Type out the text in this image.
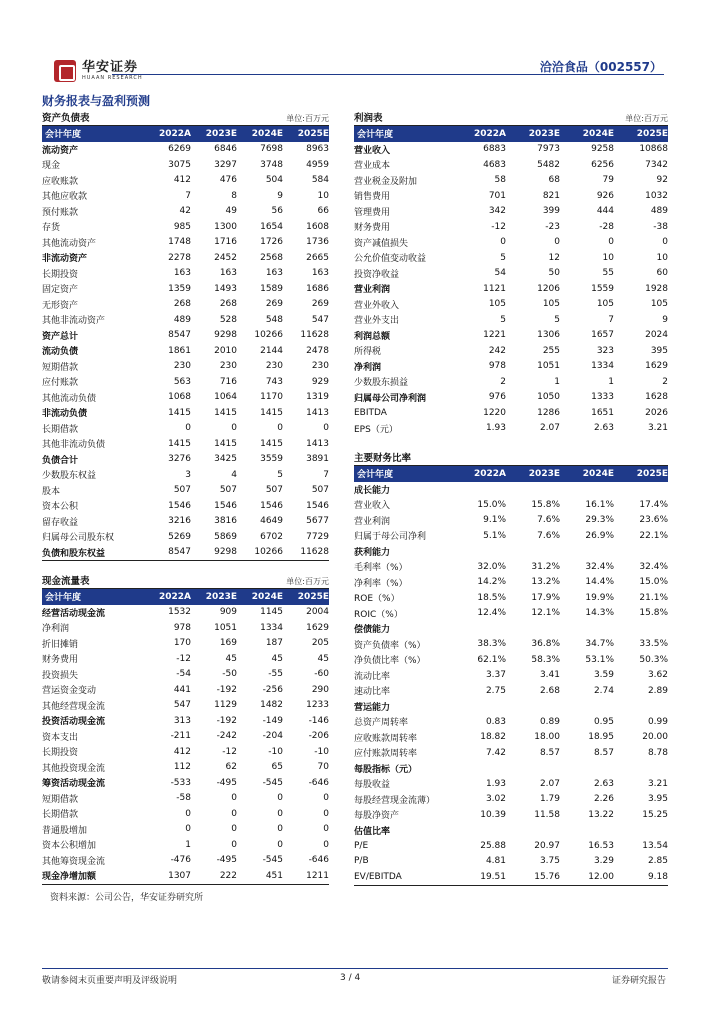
华安证券
HUAAN RESEARCH
洽洽食品（002557）
财务报表与盈利预测
资产负债表	单位:百万元
会计年度	2022A	2023E	2024E	2025E
流动资产	6269	6846	7698	8963
现金	3075	3297	3748	4959
应收账款	412	476	504	584
其他应收款	7	8	9	10
预付账款	42	49	56	66
存货	985	1300	1654	1608
其他流动资产	1748	1716	1726	1736
非流动资产	2278	2452	2568	2665
长期投资	163	163	163	163
固定资产	1359	1493	1589	1686
无形资产	268	268	269	269
其他非流动资产	489	528	548	547
资产总计	8547	9298	10266	11628
流动负债	1861	2010	2144	2478
短期借款	230	230	230	230
应付账款	563	716	743	929
其他流动负债	1068	1064	1170	1319
非流动负债	1415	1415	1415	1413
长期借款	0	0	0	0
其他非流动负债	1415	1415	1415	1413
负债合计	3276	3425	3559	3891
少数股东权益	3	4	5	7
股本	507	507	507	507
资本公积	1546	1546	1546	1546
留存收益	3216	3816	4649	5677
归属母公司股东权	5269	5869	6702	7729
负债和股东权益	8547	9298	10266	11628
现金流量表	单位:百万元
会计年度	2022A	2023E	2024E	2025E
经营活动现金流	1532	909	1145	2004
净利润	978	1051	1334	1629
折旧摊销	170	169	187	205
财务费用	-12	45	45	45
投资损失	-54	-50	-55	-60
营运资金变动	441	-192	-256	290
其他经营现金流	547	1129	1482	1233
投资活动现金流	313	-192	-149	-146
资本支出	-211	-242	-204	-206
长期投资	412	-12	-10	-10
其他投资现金流	112	62	65	70
筹资活动现金流	-533	-495	-545	-646
短期借款	-58	0	0	0
长期借款	0	0	0	0
普通股增加	0	0	0	0
资本公积增加	1	0	0	0
其他筹资现金流	-476	-495	-545	-646
现金净增加额	1307	222	451	1211
利润表	单位:百万元
会计年度	2022A	2023E	2024E	2025E
营业收入	6883	7973	9258	10868
营业成本	4683	5482	6256	7342
营业税金及附加	58	68	79	92
销售费用	701	821	926	1032
管理费用	342	399	444	489
财务费用	-12	-23	-28	-38
资产减值损失	0	0	0	0
公允价值变动收益	5	12	10	10
投资净收益	54	50	55	60
营业利润	1121	1206	1559	1928
营业外收入	105	105	105	105
营业外支出	5	5	7	9
利润总额	1221	1306	1657	2024
所得税	242	255	323	395
净利润	978	1051	1334	1629
少数股东损益	2	1	1	2
归属母公司净利润	976	1050	1333	1628
EBITDA	1220	1286	1651	2026
EPS（元）	1.93	2.07	2.63	3.21
主要财务比率
会计年度	2022A	2023E	2024E	2025E
成长能力
营业收入	15.0%	15.8%	16.1%	17.4%
营业利润	9.1%	7.6%	29.3%	23.6%
归属于母公司净利	5.1%	7.6%	26.9%	22.1%
获利能力
毛利率（%）	32.0%	31.2%	32.4%	32.4%
净利率（%）	14.2%	13.2%	14.4%	15.0%
ROE（%）	18.5%	17.9%	19.9%	21.1%
ROIC（%）	12.4%	12.1%	14.3%	15.8%
偿债能力
资产负债率（%）	38.3%	36.8%	34.7%	33.5%
净负债比率（%）	62.1%	58.3%	53.1%	50.3%
流动比率	3.37	3.41	3.59	3.62
速动比率	2.75	2.68	2.74	2.89
营运能力
总资产周转率	0.83	0.89	0.95	0.99
应收账款周转率	18.82	18.00	18.95	20.00
应付账款周转率	7.42	8.57	8.57	8.78
每股指标（元）
每股收益	1.93	2.07	2.63	3.21
每股经营现金流薄）	3.02	1.79	2.26	3.95
每股净资产	10.39	11.58	13.22	15.25
估值比率
P/E	25.88	20.97	16.53	13.54
P/B	4.81	3.75	3.29	2.85
EV/EBITDA	19.51	15.76	12.00	9.18
资料来源：公司公告，华安证券研究所
敬请参阅末页重要声明及评级说明	3 / 4	证券研究报告
